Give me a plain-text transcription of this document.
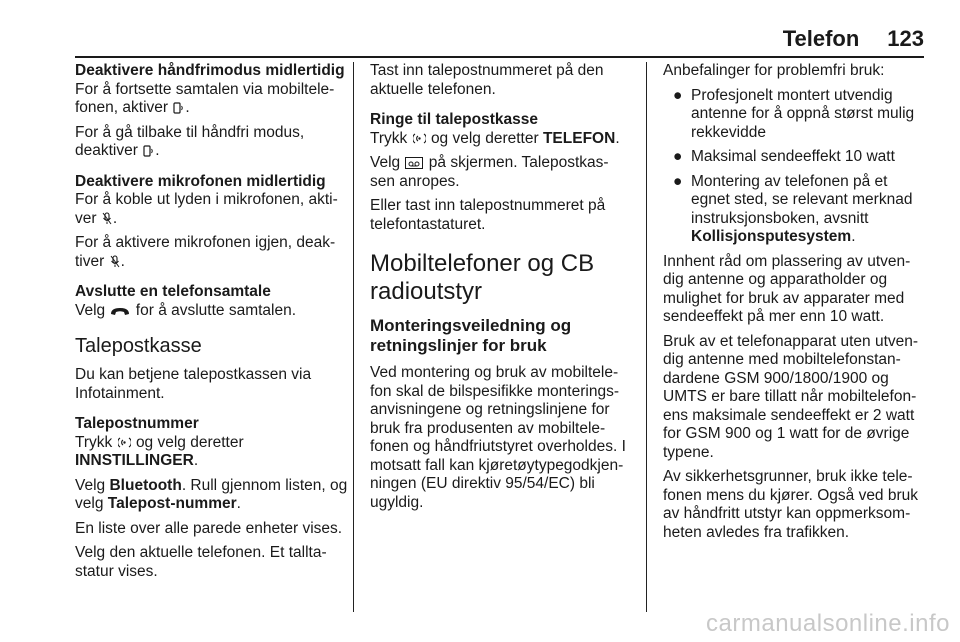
Telefon 123

Deaktivere håndfrimodus midlertidig

For å fortsette samtalen via mobiltele-fonen, aktiver .

For å gå tilbake til håndfri modus, deaktiver .

Deaktivere mikrofonen midlertidig

For å koble ut lyden i mikrofonen, akti-ver .

For å aktivere mikrofonen igjen, deak-tiver .

Avslutte en telefonsamtale

Velg for å avslutte samtalen.

Talepostkasse

Du kan betjene talepostkassen via Infotainment.

Talepostnummer

Trykk og velg deretter
INNSTILLINGER.

Velg Bluetooth. Rull gjennom listen, og velg Talepost-nummer.

En liste over alle parede enheter vises.

Velg den aktuelle telefonen. Et tallta-statur vises.

Tast inn talepostnummeret på den aktuelle telefonen.

Ringe til talepostkasse

Trykk og velg deretter TELEFON.

Velg på skjermen. Talepostkas-sen anropes.

Eller tast inn talepostnummeret på telefontastaturet.

Mobiltelefoner og CB radioutstyr
Monteringsveiledning og retningslinjer for bruk

Ved montering og bruk av mobiltele-fon skal de bilspesifikke monterings-anvisningene og retningslinjene for bruk fra produsenten av mobiltele-fonen og håndfriutstyret overholdes. I motsatt fall kan kjøretøytypegodkjen-ningen (EU direktiv 95/54/EC) bli ugyldig.

Anbefalinger for problemfri bruk:

● Profesjonelt montert utvendig antenne for å oppnå størst mulig rekkevidde
● Maksimal sendeeffekt 10 watt
● Montering av telefonen på et egnet sted, se relevant merknad instruksjonsboken, avsnitt
Kollisjonsputesystem.

Innhent råd om plassering av utven-dig antenne og apparatholder og mulighet for bruk av apparater med sendeeffekt på mer enn 10 watt.

Bruk av et telefonapparat uten utven-dig antenne med mobiltelefonstan-dardene GSM 900/1800/1900 og UMTS er bare tillatt når mobiltelefon-ens maksimale sendeeffekt er 2 watt for GSM 900 og 1 watt for de øvrige typene.

Av sikkerhetsgrunner, bruk ikke tele-fonen mens du kjører. Også ved bruk av håndfritt utstyr kan oppmerksom-heten avledes fra trafikken.

carmanualsonline.info
